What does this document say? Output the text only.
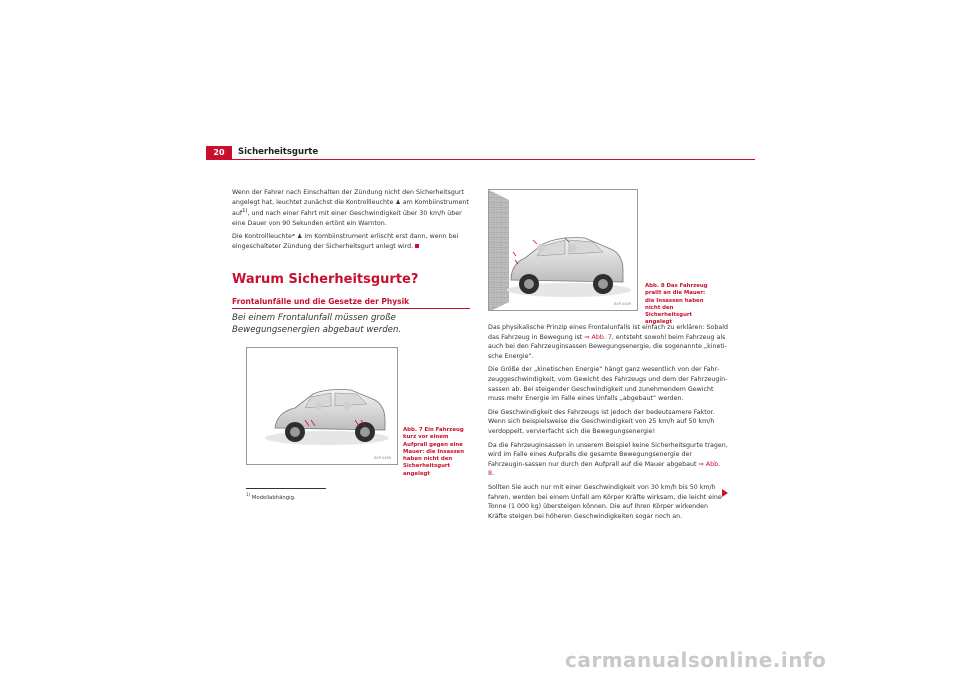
20	Sicherheitsgurte

Wenn der Fahrer nach Einschalten der Zündung nicht den Sicherheitsgurt angelegt hat, leuchtet zunächst die Kontrollleuchte ♟ am Kombiinstrument auf$^{1)}$, und nach einer Fahrt mit einer Geschwindigkeit über 30 km/h über eine Dauer von 90 Sekunden ertönt ein Warnton.

Die Kontrollleuchte* ♟ im Kombiinstrument erlischt erst dann, wenn bei eingeschalteter Zündung der Sicherheitsgurt anlegt wird.

Warum Sicherheitsgurte?
Frontalunfälle und die Gesetze der Physik
Bei einem Frontalunfall müssen große Bewegungsenergien abgebaut werden.
B5P-0486
Abb. 7 Ein Fahrzeug kurz vor einem Aufprall gegen eine Mauer: die Insassen haben nicht den Sicherheitsgurt angelegt
B5P-0489
Abb. 8 Das Fahrzeug prallt an die Mauer: die Insassen haben nicht den Sicherheitsgurt angelegt

Das physikalische Prinzip eines Frontalunfalls ist einfach zu erklären: Sobald das Fahrzeug in Bewegung ist ⇒ Abb. 7, entsteht sowohl beim Fahrzeug als auch bei den Fahrzeuginsassen Bewegungsenergie, die sogenannte „kineti-sche Energie“.

Die Größe der „kinetischen Energie“ hängt ganz wesentlich von der Fahr-zeuggeschwindigkeit, vom Gewicht des Fahrzeugs und dem der Fahrzeugin-sassen ab. Bei steigender Geschwindigkeit und zunehmendem Gewicht muss mehr Energie im Falle eines Unfalls „abgebaut“ werden.

Die Geschwindigkeit des Fahrzeugs ist jedoch der bedeutsamere Faktor. Wenn sich beispielsweise die Geschwindigkeit von 25 km/h auf 50 km/h verdoppelt, vervierfacht sich die Bewegungsenergie!

Da die Fahrzeuginsassen in unserem Beispiel keine Sicherheitsgurte tragen, wird im Falle eines Aufpralls die gesamte Bewegungsenergie der Fahrzeugin-sassen nur durch den Aufprall auf die Mauer abgebaut ⇒ Abb. 8.

Sollten Sie auch nur mit einer Geschwindigkeit von 30 km/h bis 50 km/h fahren, werden bei einem Unfall am Körper Kräfte wirksam, die leicht eine Tonne (1 000 kg) übersteigen können. Die auf Ihren Körper wirkenden Kräfte steigen bei höheren Geschwindigkeiten sogar noch an.

$^{1)}$ Modellabhängig.
carmanualsonline.info
